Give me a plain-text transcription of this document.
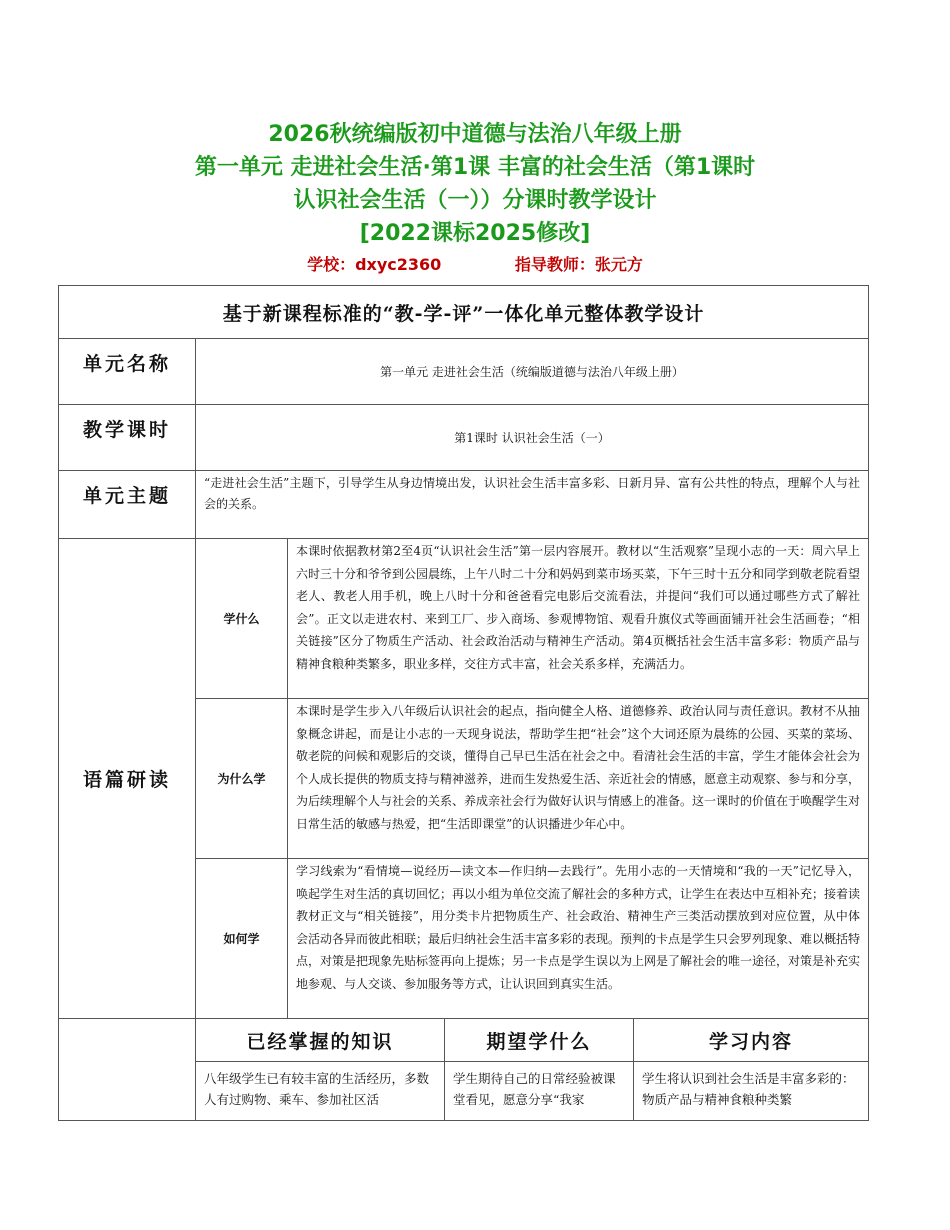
2026秋统编版初中道德与法治八年级上册
第一单元 走进社会生活·第1课 丰富的社会生活（第1课时
认识社会生活（一））分课时教学设计
[2022课标2025修改]
学校：dxyc2360	指导教师：张元方
基于新课程标准的“教-学-评”一体化单元整体教学设计				
单元名称	第一单元 走进社会生活（统编版道德与法治八年级上册）			
教学课时	第1课时 认识社会生活（一）			
单元主题	“走进社会生活”主题下，引导学生从身边情境出发，认识社会生活丰富多彩、日新月异、富有公共性的特点，理解个人与社会的关系。			
语篇研读	学什么	本课时依据教材第2至4页“认识社会生活”第一层内容展开。教材以“生活观察”呈现小志的一天：周六早上六时三十分和爷爷到公园晨练，上午八时二十分和妈妈到菜市场买菜，下午三时十五分和同学到敬老院看望老人、教老人用手机，晚上八时十分和爸爸看完电影后交流看法，并提问“我们可以通过哪些方式了解社会”。正文以走进农村、来到工厂、步入商场、参观博物馆、观看升旗仪式等画面铺开社会生活画卷；“相关链接”区分了物质生产活动、社会政治活动与精神生产活动。第4页概括社会生活丰富多彩：物质产品与精神食粮种类繁多，职业多样，交往方式丰富，社会关系多样，充满活力。		
	为什么学	本课时是学生步入八年级后认识社会的起点，指向健全人格、道德修养、政治认同与责任意识。教材不从抽象概念讲起，而是让小志的一天现身说法，帮助学生把“社会”这个大词还原为晨练的公园、买菜的菜场、敬老院的问候和观影后的交谈，懂得自己早已生活在社会之中。看清社会生活的丰富，学生才能体会社会为个人成长提供的物质支持与精神滋养，进而生发热爱生活、亲近社会的情感，愿意主动观察、参与和分享，为后续理解个人与社会的关系、养成亲社会行为做好认识与情感上的准备。这一课时的价值在于唤醒学生对日常生活的敏感与热爱，把“生活即课堂”的认识播进少年心中。		
	如何学	学习线索为“看情境—说经历—读文本—作归纳—去践行”。先用小志的一天情境和“我的一天”记忆导入，唤起学生对生活的真切回忆；再以小组为单位交流了解社会的多种方式，让学生在表达中互相补充；接着读教材正文与“相关链接”，用分类卡片把物质生产、社会政治、精神生产三类活动摆放到对应位置，从中体会活动各异而彼此相联；最后归纳社会生活丰富多彩的表现。预判的卡点是学生只会罗列现象、难以概括特点，对策是把现象先贴标签再向上提炼；另一卡点是学生误以为上网是了解社会的唯一途径，对策是补充实地参观、与人交谈、参加服务等方式，让认识回到真实生活。		
	已经掌握的知识		期望学什么	学习内容

	八年级学生已有较丰富的生活经历，多数人有过购物、乘车、参加社区活		学生期待自己的日常经验被课堂看见，愿意分享“我家	学生将认识到社会生活是丰富多彩的：物质产品与精神食粮种类繁
